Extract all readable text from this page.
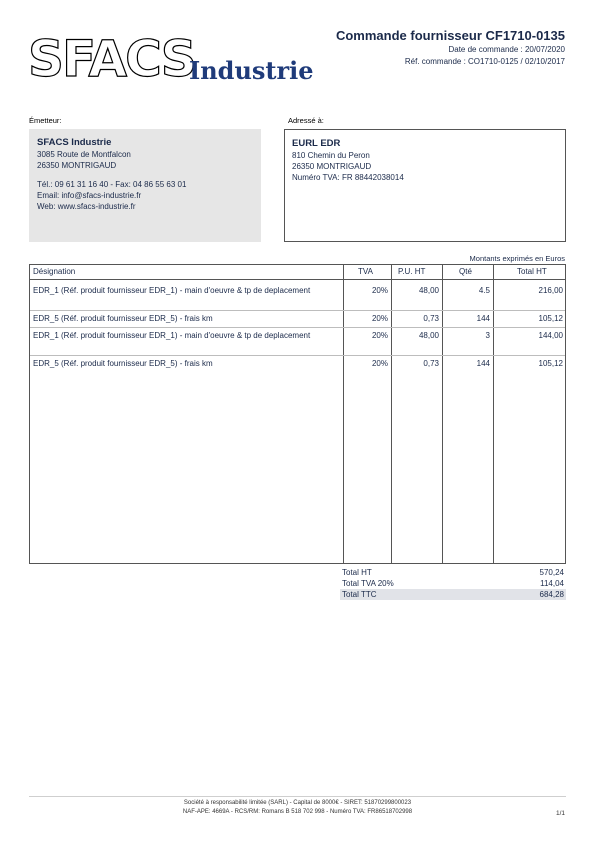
SFACS
Industrie
Commande fournisseur CF1710-0135
Date de commande : 20/07/2020
Réf. commande : CO1710-0125 / 02/10/2017
Émetteur:
SFACS Industrie
3085 Route de Montfalcon
26350 MONTRIGAUD
Tél.: 09 61 31 16 40 - Fax: 04 86 55 63 01
Email: info@sfacs-industrie.fr
Web: www.sfacs-industrie.fr
Adressé à:
EURL EDR
810 Chemin du Peron
26350 MONTRIGAUD
Numéro TVA: FR 88442038014
Montants exprimés en Euros
Désignation	TVA	P.U. HT	Qté	Total HT
EDR_1 (Réf. produit fournisseur EDR_1) - main d'oeuvre & tp de deplacement	20%	48,00	4.5	216,00
EDR_5 (Réf. produit fournisseur EDR_5) - frais km	20%	0,73	144	105,12
EDR_1 (Réf. produit fournisseur EDR_1) - main d'oeuvre & tp de deplacement	20%	48,00	3	144,00
EDR_5 (Réf. produit fournisseur EDR_5) - frais km	20%	0,73	144	105,12
Total HT	570,24
Total TVA 20%	114,04
Total TTC	684,28
Société à responsabilité limitée (SARL) - Capital de 8000€ - SIRET: 51870299800023
NAF-APE: 4669A - RCS/RM: Romans B 518 702 998 - Numéro TVA: FR86518702998	1/1
